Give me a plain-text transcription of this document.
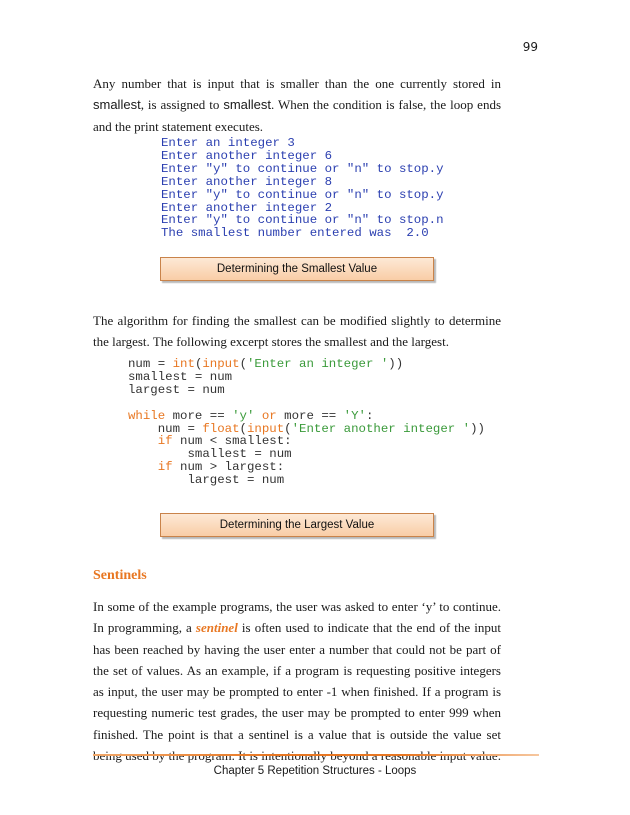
99

Any number that is input that is smaller than the one currently stored in smallest, is assigned to smallest. When the condition is false, the loop ends and the print statement executes.

Enter an integer 3
Enter another integer 6
Enter "y" to continue or "n" to stop.y
Enter another integer 8
Enter "y" to continue or "n" to stop.y
Enter another integer 2
Enter "y" to continue or "n" to stop.n
The smallest number entered was  2.0
Determining the Smallest Value

The algorithm for finding the smallest can be modified slightly to determine the largest. The following excerpt stores the smallest and the largest.

num = int(input('Enter an integer '))
smallest = num
largest = num

while more == 'y' or more == 'Y':
num = float(input('Enter another integer '))
if num < smallest:
smallest = num
if num > largest:
largest = num
Determining the Largest Value
Sentinels

In some of the example programs, the user was asked to enter ‘y’ to continue. In programming, a sentinel is often used to indicate that the end of the input has been reached by having the user enter a number that could not be part of the set of values. As an example, if a program is requesting positive integers as input, the user may be prompted to enter -1 when finished. If a program is requesting numeric test grades, the user may be prompted to enter 999 when finished. The point is that a sentinel is a value that is outside the value set

Chapter 5 Repetition Structures - Loops
